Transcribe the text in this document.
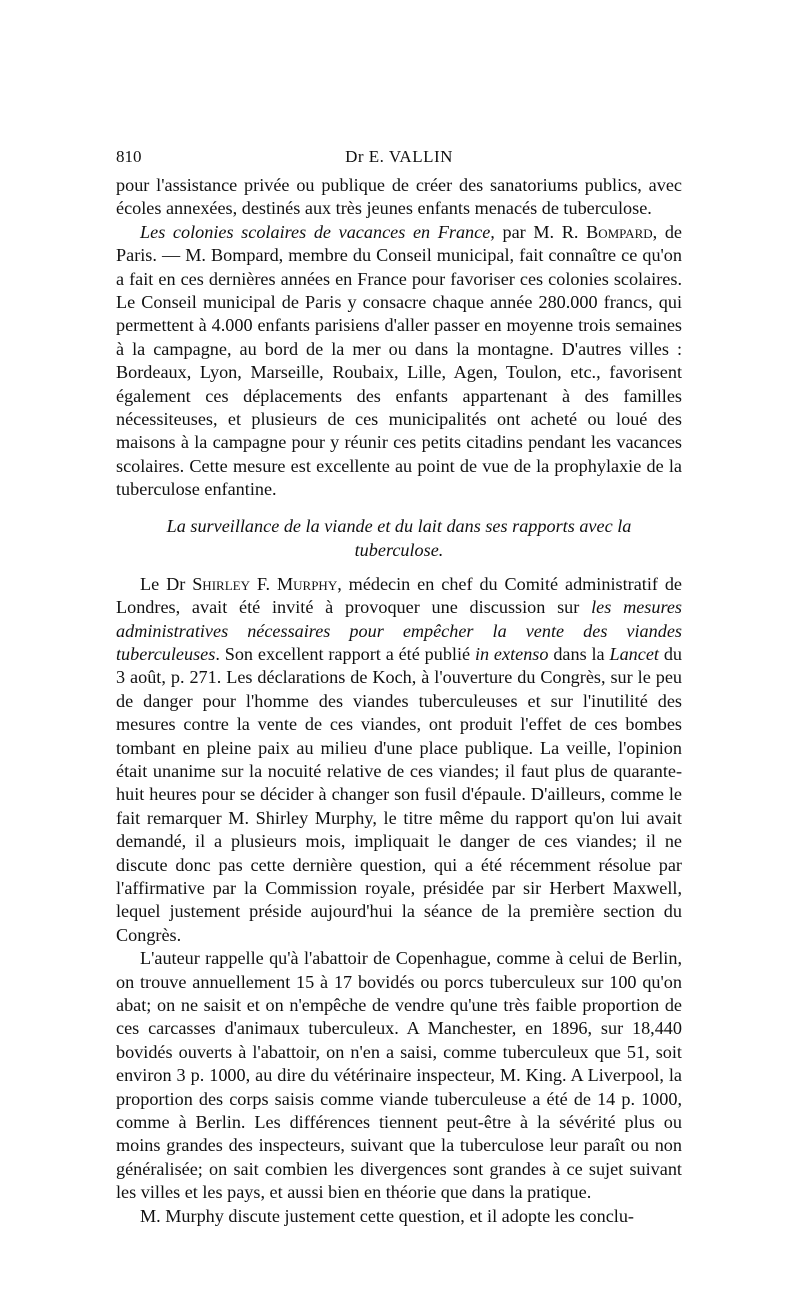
810	Dr E. VALLIN

pour l'assistance privée ou publique de créer des sanatoriums publics, avec écoles annexées, destinés aux très jeunes enfants menacés de tuberculose.

Les colonies scolaires de vacances en France, par M. R. Bompard, de Paris. — M. Bompard, membre du Conseil municipal, fait connaître ce qu'on a fait en ces dernières années en France pour favoriser ces colonies scolaires. Le Conseil municipal de Paris y consacre chaque année 280.000 francs, qui permettent à 4.000 enfants parisiens d'aller passer en moyenne trois semaines à la campagne, au bord de la mer ou dans la montagne. D'autres villes : Bordeaux, Lyon, Marseille, Roubaix, Lille, Agen, Toulon, etc., favorisent également ces déplacements des enfants appartenant à des familles nécessiteuses, et plusieurs de ces municipalités ont acheté ou loué des maisons à la campagne pour y réunir ces petits citadins pendant les vacances scolaires. Cette mesure est excellente au point de vue de la prophylaxie de la tuberculose enfantine.

La surveillance de la viande et du lait dans ses rapports avec la tuberculose.

Le Dr Shirley F. Murphy, médecin en chef du Comité administratif de Londres, avait été invité à provoquer une discussion sur les mesures administratives nécessaires pour empêcher la vente des viandes tuberculeuses. Son excellent rapport a été publié in extenso dans la Lancet du 3 août, p. 271. Les déclarations de Koch, à l'ouverture du Congrès, sur le peu de danger pour l'homme des viandes tuberculeuses et sur l'inutilité des mesures contre la vente de ces viandes, ont produit l'effet de ces bombes tombant en pleine paix au milieu d'une place publique. La veille, l'opinion était unanime sur la nocuité relative de ces viandes; il faut plus de quarante-huit heures pour se décider à changer son fusil d'épaule. D'ailleurs, comme le fait remarquer M. Shirley Murphy, le titre même du rapport qu'on lui avait demandé, il a plusieurs mois, impliquait le danger de ces viandes; il ne discute donc pas cette dernière question, qui a été récemment résolue par l'affirmative par la Commission royale, présidée par sir Herbert Maxwell, lequel justement préside aujourd'hui la séance de la première section du Congrès.

L'auteur rappelle qu'à l'abattoir de Copenhague, comme à celui de Berlin, on trouve annuellement 15 à 17 bovidés ou porcs tuberculeux sur 100 qu'on abat; on ne saisit et on n'empêche de vendre qu'une très faible proportion de ces carcasses d'animaux tuberculeux. A Manchester, en 1896, sur 18,440 bovidés ouverts à l'abattoir, on n'en a saisi, comme tuberculeux que 51, soit environ 3 p. 1000, au dire du vétérinaire inspecteur, M. King. A Liverpool, la proportion des corps saisis comme viande tuberculeuse a été de 14 p. 1000, comme à Berlin. Les différences tiennent peut-être à la sévérité plus ou moins grandes des inspecteurs, suivant que la tuberculose leur paraît ou non généralisée; on sait combien les divergences sont grandes à ce sujet suivant les villes et les pays, et aussi bien en théorie que dans la pratique.

M. Murphy discute justement cette question, et il adopte les conclu-
